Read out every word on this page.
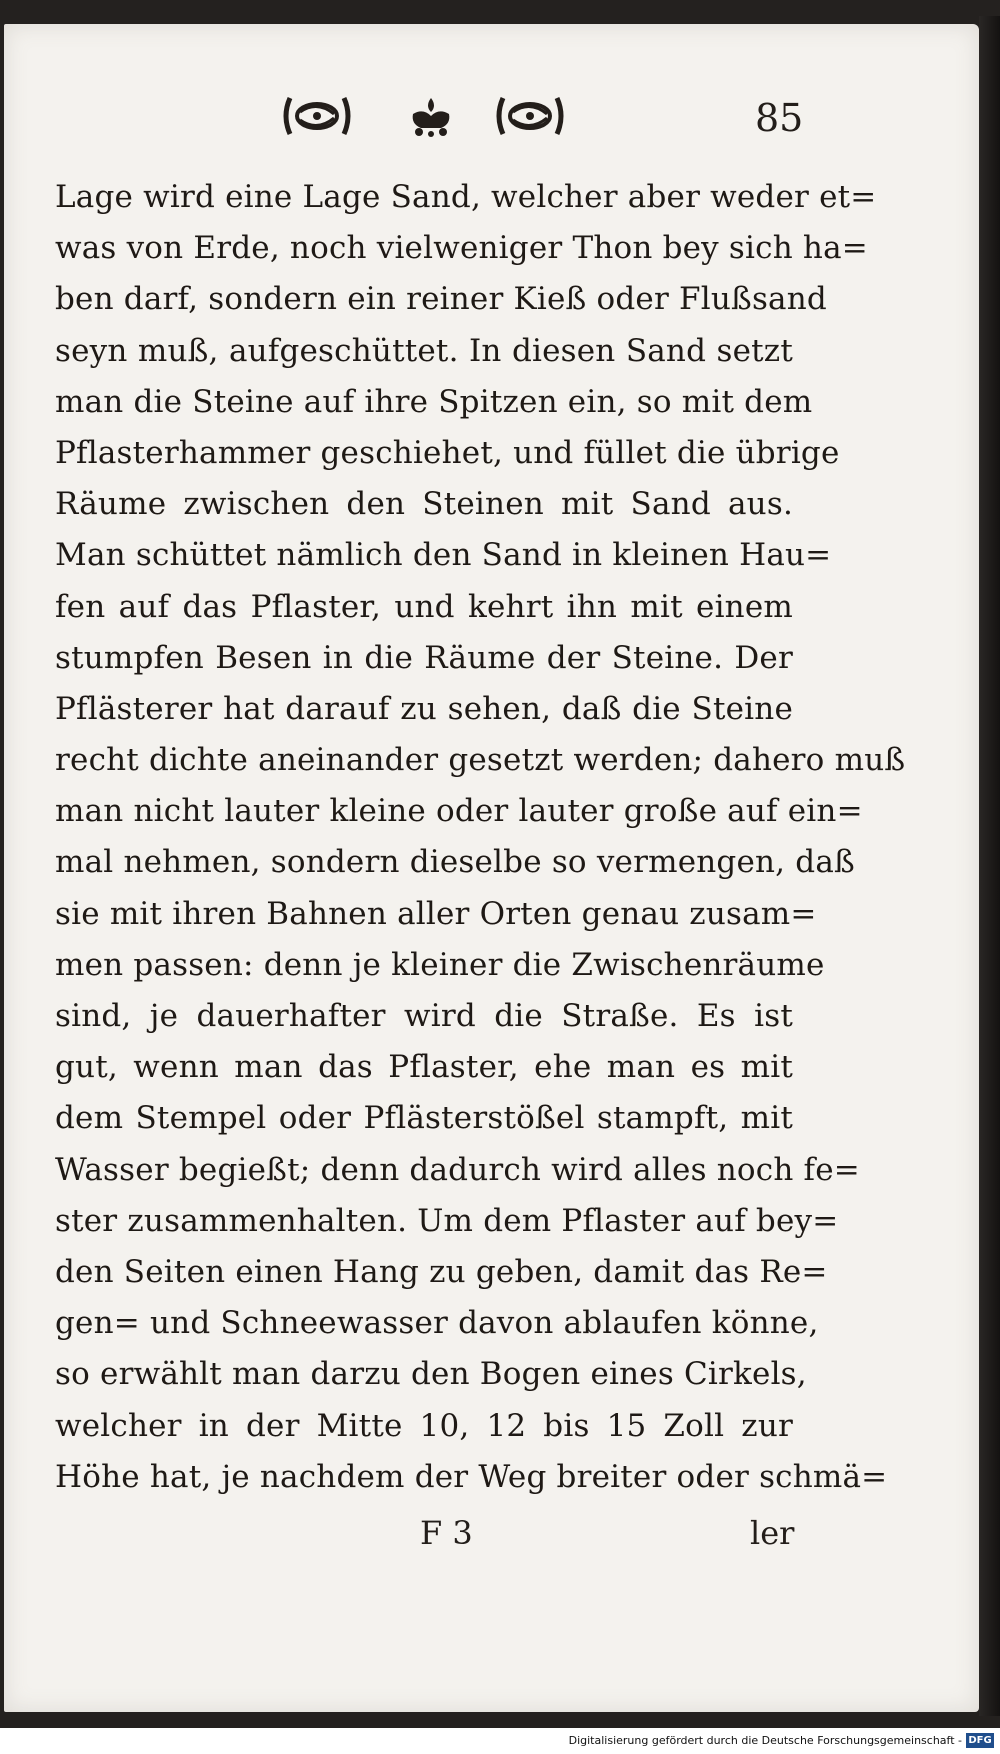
85
Lage wird eine Lage Sand, welcher aber weder et=
was von Erde, noch vielweniger Thon bey sich ha=
ben darf, sondern ein reiner Kieß oder Flußsand
seyn muß, aufgeschüttet. In diesen Sand setzt
man die Steine auf ihre Spitzen ein, so mit dem
Pflasterhammer geschiehet, und füllet die übrige
Räume zwischen den Steinen mit Sand aus.
Man schüttet nämlich den Sand in kleinen Hau=
fen auf das Pflaster, und kehrt ihn mit einem
stumpfen Besen in die Räume der Steine. Der
Pflästerer hat darauf zu sehen, daß die Steine
recht dichte aneinander gesetzt werden; dahero muß
man nicht lauter kleine oder lauter große auf ein=
mal nehmen, sondern dieselbe so vermengen, daß
sie mit ihren Bahnen aller Orten genau zusam=
men passen: denn je kleiner die Zwischenräume
sind, je dauerhafter wird die Straße. Es ist
gut, wenn man das Pflaster, ehe man es mit
dem Stempel oder Pflästerstößel stampft, mit
Wasser begießt; denn dadurch wird alles noch fe=
ster zusammenhalten. Um dem Pflaster auf bey=
den Seiten einen Hang zu geben, damit das Re=
gen= und Schneewasser davon ablaufen könne,
so erwählt man darzu den Bogen eines Cirkels,
welcher in der Mitte 10, 12 bis 15 Zoll zur
Höhe hat, je nachdem der Weg breiter oder schmä=
F 3	ler
Digitalisierung gefördert durch die Deutsche Forschungsgemeinschaft - DFG
